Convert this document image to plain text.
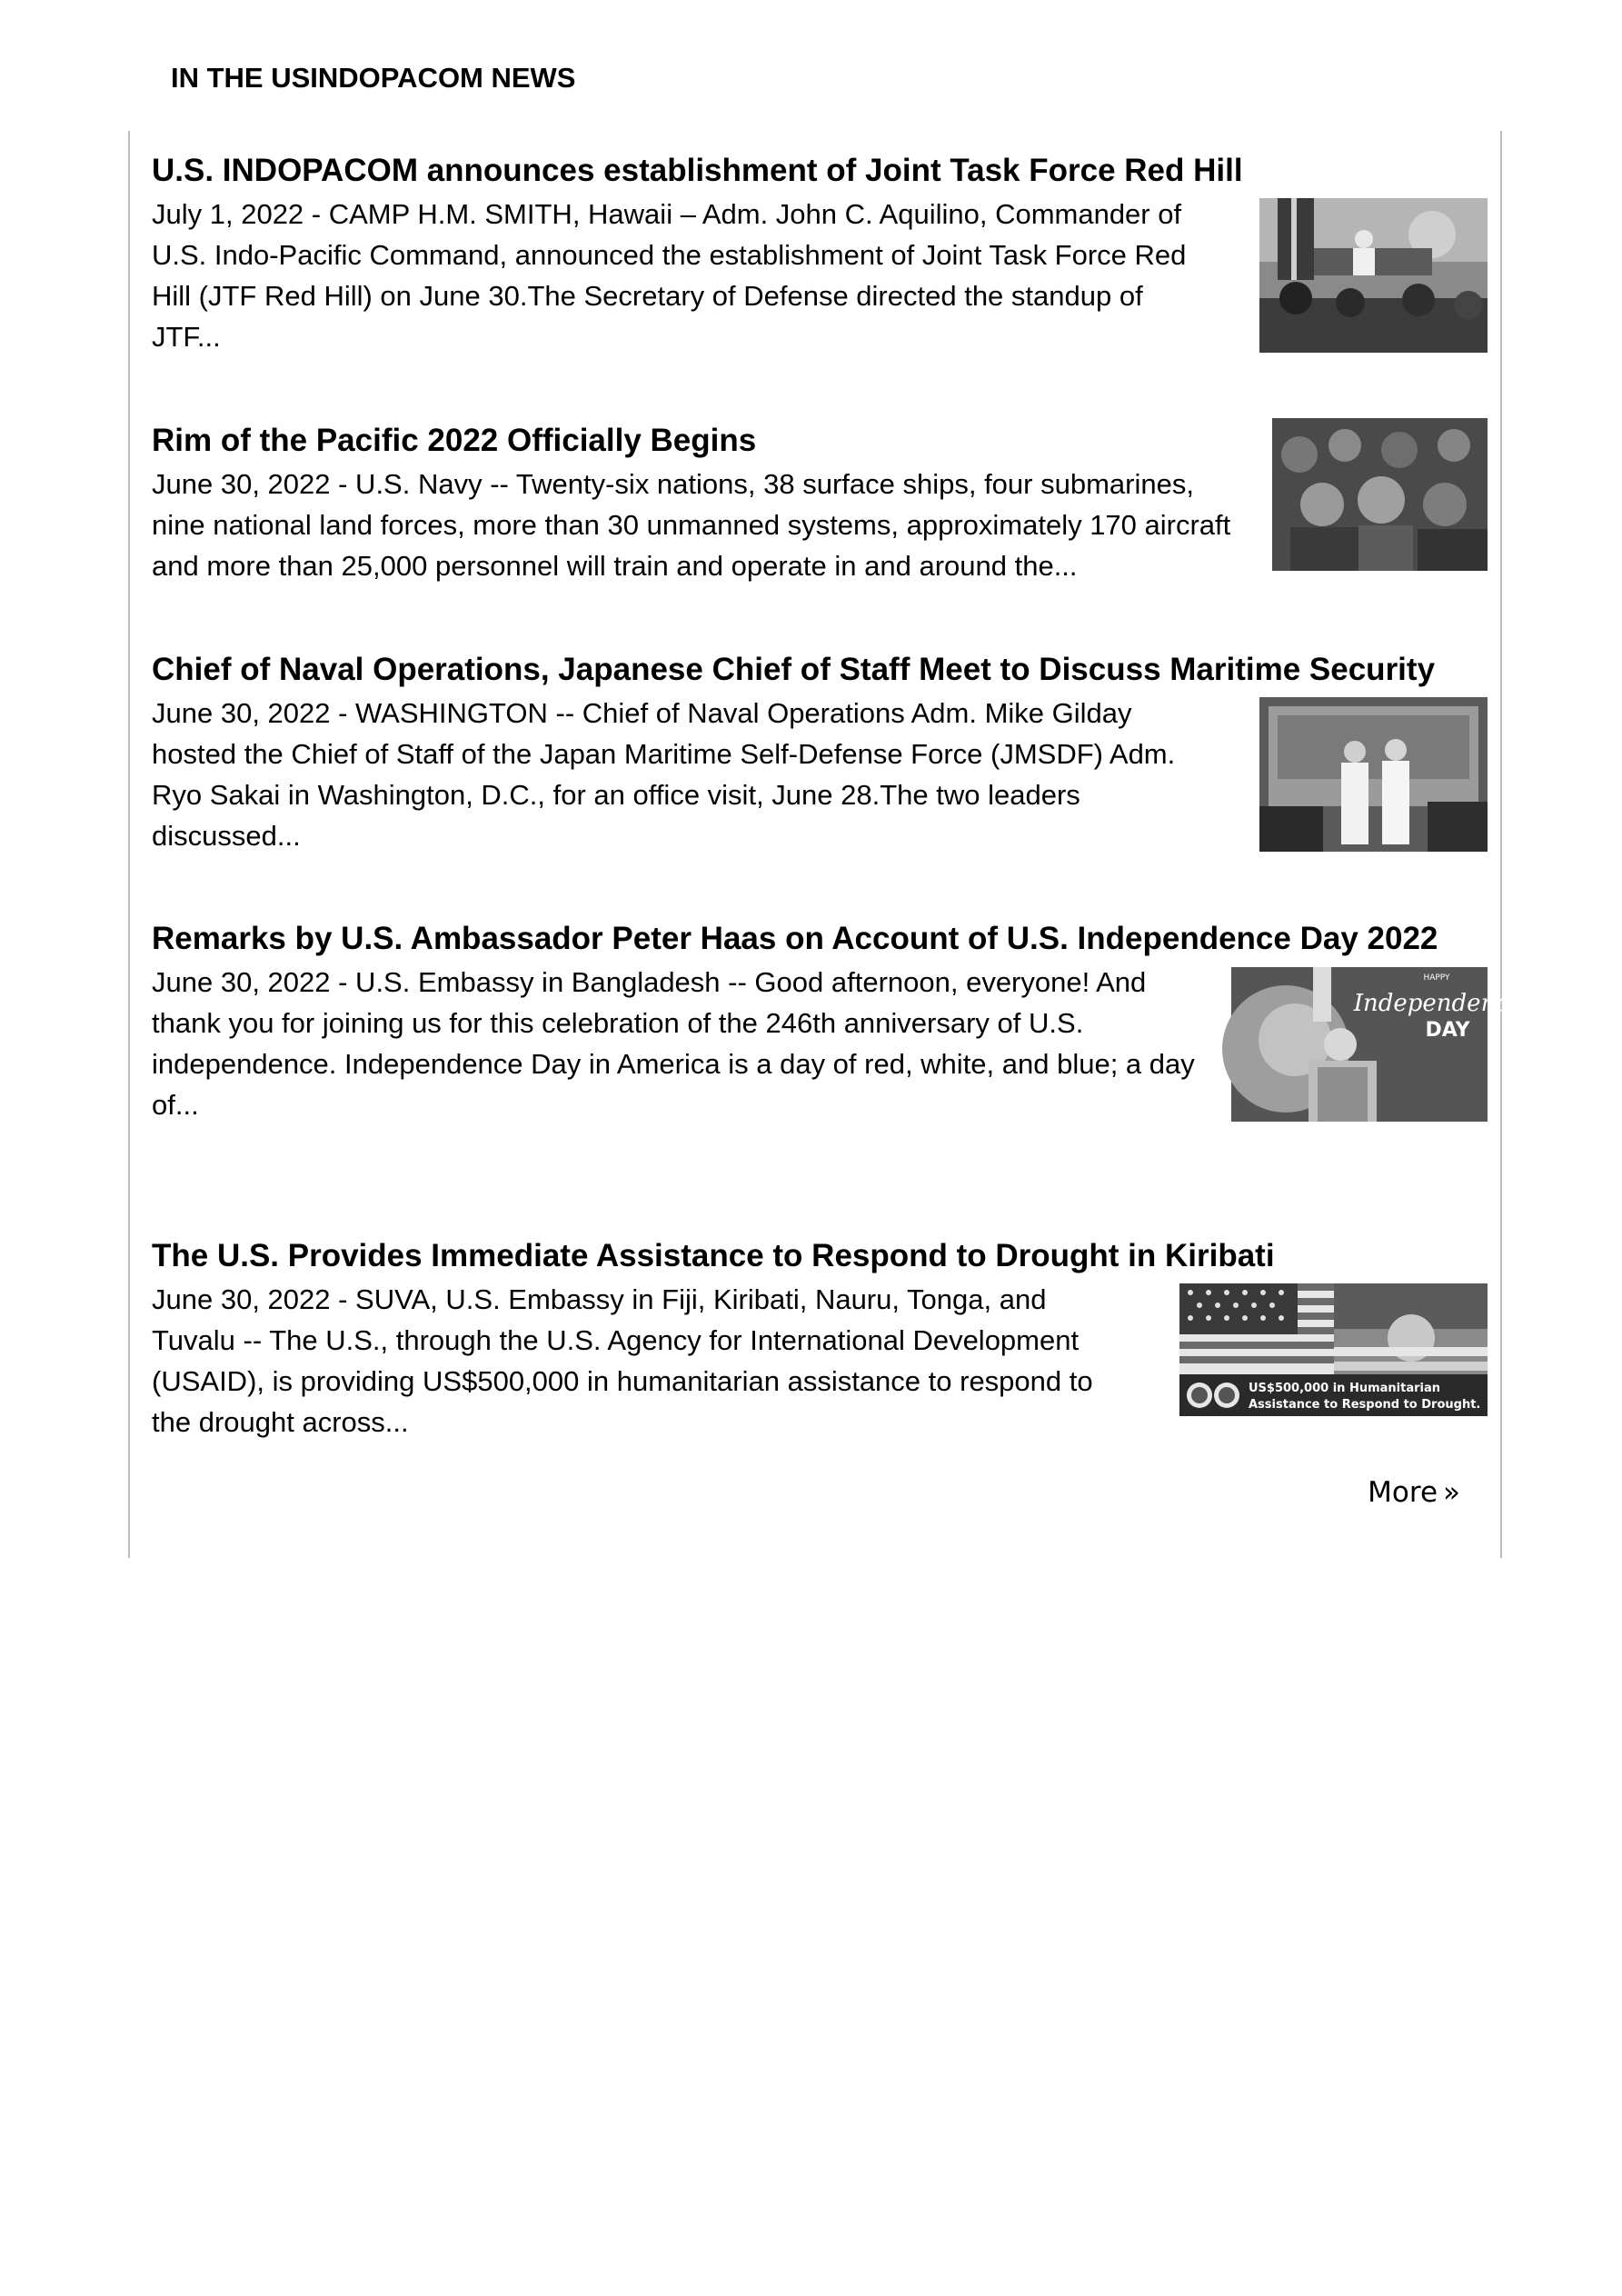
IN THE USINDOPACOM NEWS
U.S. INDOPACOM announces establishment of Joint Task Force Red Hill

July 1, 2022 - CAMP H.M. SMITH, Hawaii – Adm. John C. Aquilino, Commander of U.S. Indo-Pacific Command, announced the establishment of Joint Task Force Red Hill (JTF Red Hill) on June 30.The Secretary of Defense directed the standup of JTF...

Rim of the Pacific 2022 Officially Begins

June 30, 2022 - U.S. Navy -- Twenty-six nations, 38 surface ships, four submarines, nine national land forces, more than 30 unmanned systems, approximately 170 aircraft and more than 25,000 personnel will train and operate in and around the...

Chief of Naval Operations, Japanese Chief of Staff Meet to Discuss Maritime Security

June 30, 2022 - WASHINGTON -- Chief of Naval Operations Adm. Mike Gilday hosted the Chief of Staff of the Japan Maritime Self-Defense Force (JMSDF) Adm. Ryo Sakai in Washington, D.C., for an office visit, June 28.The two leaders discussed...

Remarks by U.S. Ambassador Peter Haas on Account of U.S. Independence Day 2022

June 30, 2022 - U.S. Embassy in Bangladesh -- Good afternoon, everyone! And thank you for joining us for this celebration of the 246th anniversary of U.S. independence. Independence Day in America is a day of red, white, and blue; a day of...

HAPPY
Independence
DAY
The U.S. Provides Immediate Assistance to Respond to Drought in Kiribati

June 30, 2022 - SUVA, U.S. Embassy in Fiji, Kiribati, Nauru, Tonga, and Tuvalu -- The U.S., through the U.S. Agency for International Development (USAID), is providing US$500,000 in humanitarian assistance to respond to the drought across...

US$500,000 in Humanitarian
Assistance to Respond to Drought.
More »
